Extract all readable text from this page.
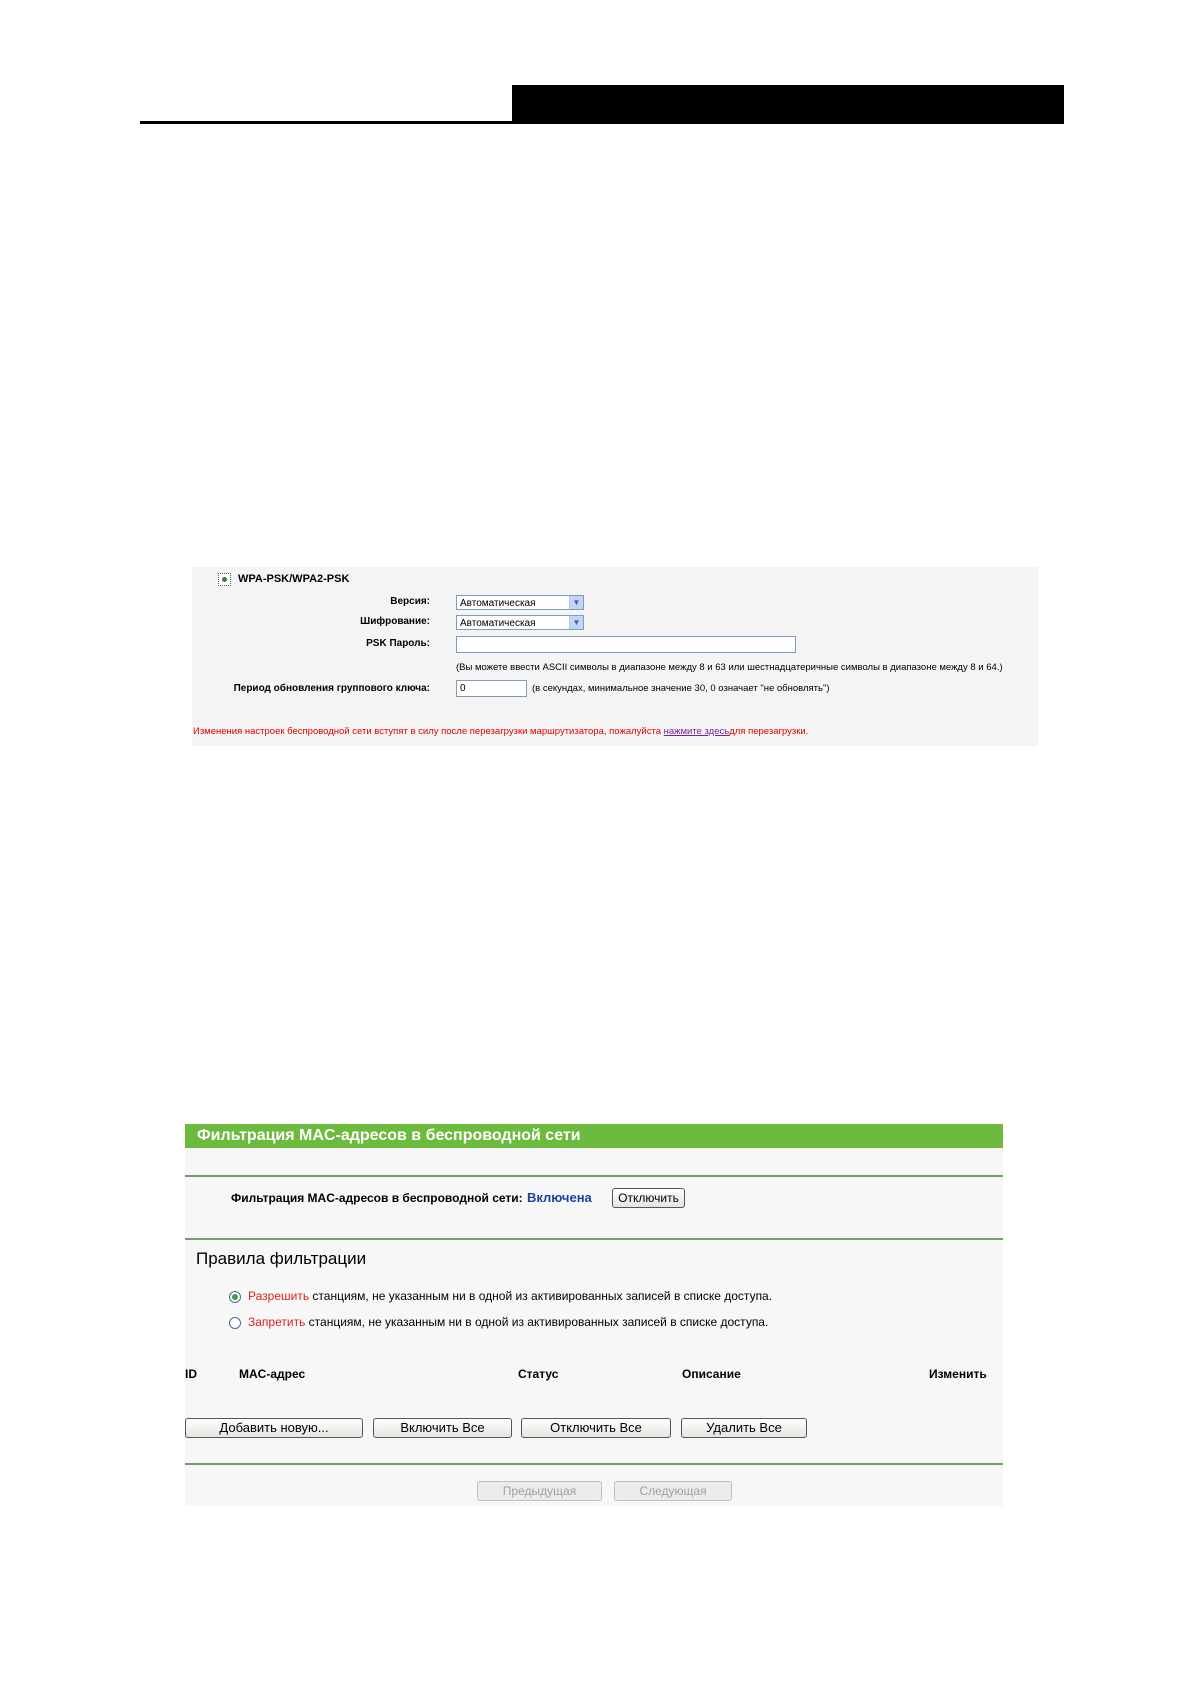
WPA-PSK/WPA2-PSK
Версия:	Автоматическая	▼
Шифрование:	Автоматическая	▼
PSK Пароль:
(Вы можете ввести ASCII символы в диапазоне между 8 и 63 или шестнадцатеричные символы в диапазоне между 8 и 64.)
Период обновления группового ключа:	0	(в секундах, минимальное значение 30, 0 означает "не обновлять")
Изменения настроек беспроводной сети вступят в силу после перезагрузки маршрутизатора, пожалуйста нажмите здесьдля перезагрузки.
Фильтрация MAC-адресов в беспроводной сети
Фильтрация MAC-адресов в беспроводной сети: Включена	Отключить
Правила фильтрации
Разрешить станциям, не указанным ни в одной из активированных записей в списке доступа.
Запретить станциям, не указанным ни в одной из активированных записей в списке доступа.
ID	MAC-адрес	Статус	Описание	Изменить
Добавить новую...	Включить Все	Отключить Все	Удалить Все
Предыдущая	Следующая
